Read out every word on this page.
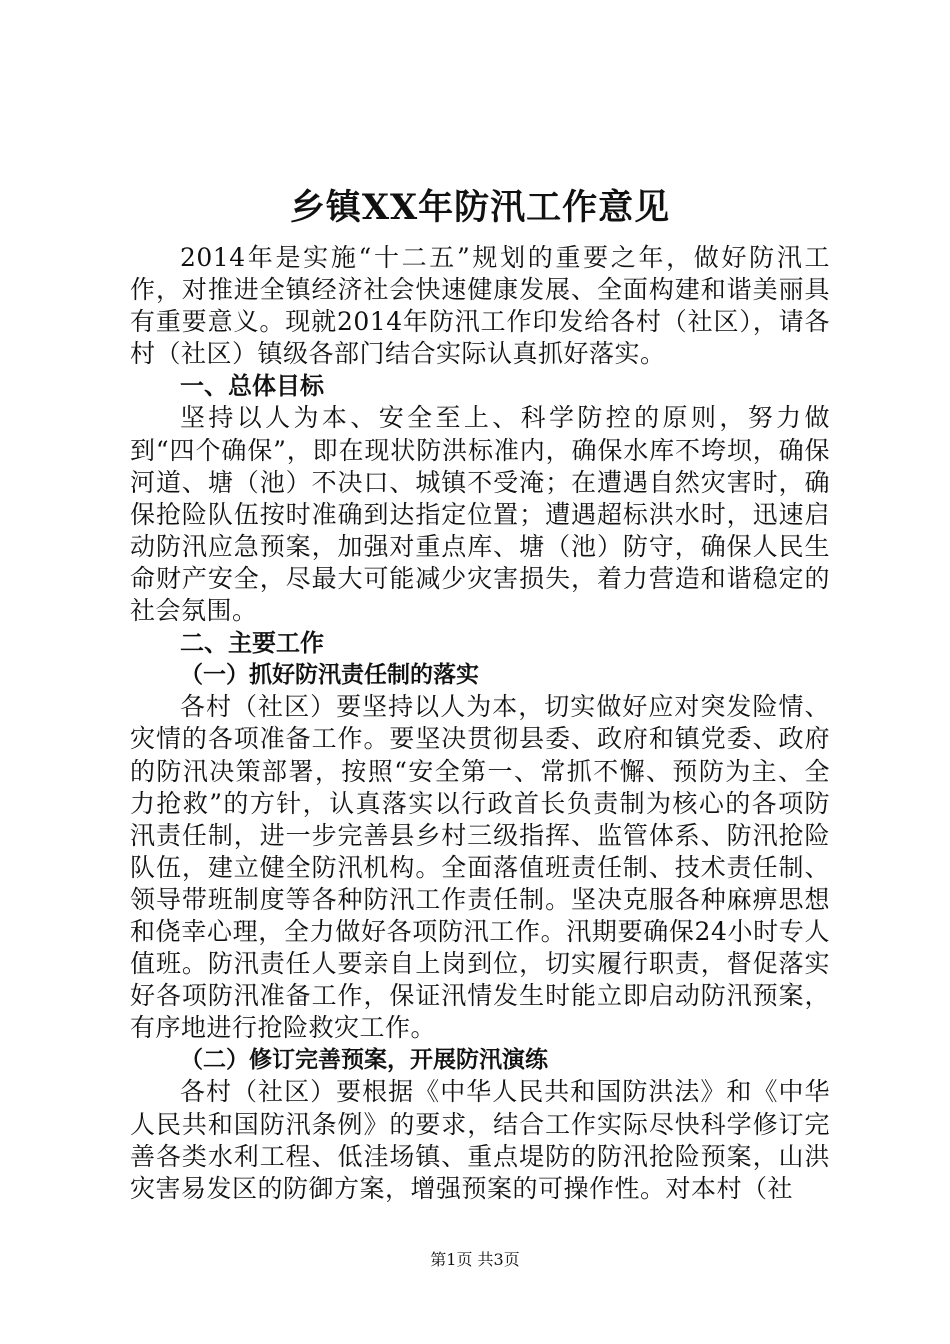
乡镇XX年防汛工作意见

2014年是实施“十二五”规划的重要之年，做好防汛工作，对推进全镇经济社会快速健康发展、全面构建和谐美丽具有重要意义。现就2014年防汛工作印发给各村（社区），请各村（社区）镇级各部门结合实际认真抓好落实。

一、总体目标

坚持以人为本、安全至上、科学防控的原则，努力做到“四个确保”，即在现状防洪标准内，确保水库不垮坝，确保河道、塘（池）不决口、城镇不受淹；在遭遇自然灾害时，确保抢险队伍按时准确到达指定位置；遭遇超标洪水时，迅速启动防汛应急预案，加强对重点库、塘（池）防守，确保人民生命财产安全，尽最大可能减少灾害损失，着力营造和谐稳定的社会氛围。

二、主要工作

（一）抓好防汛责任制的落实

各村（社区）要坚持以人为本，切实做好应对突发险情、灾情的各项准备工作。要坚决贯彻县委、政府和镇党委、政府的防汛决策部署，按照“安全第一、常抓不懈、预防为主、全力抢救”的方针，认真落实以行政首长负责制为核心的各项防汛责任制，进一步完善县乡村三级指挥、监管体系、防汛抢险队伍，建立健全防汛机构。全面落值班责任制、技术责任制、领导带班制度等各种防汛工作责任制。坚决克服各种麻痹思想和侥幸心理，全力做好各项防汛工作。汛期要确保24小时专人值班。防汛责任人要亲自上岗到位，切实履行职责，督促落实好各项防汛准备工作，保证汛情发生时能立即启动防汛预案，有序地进行抢险救灾工作。

（二）修订完善预案，开展防汛演练

各村（社区）要根据《中华人民共和国防洪法》和《中华人民共和国防汛条例》的要求，结合工作实际尽快科学修订完善各类水利工程、低洼场镇、重点堤防的防汛抢险预案，山洪灾害易发区的防御方案，增强预案的可操作性。对本村（社

第1页 共3页
